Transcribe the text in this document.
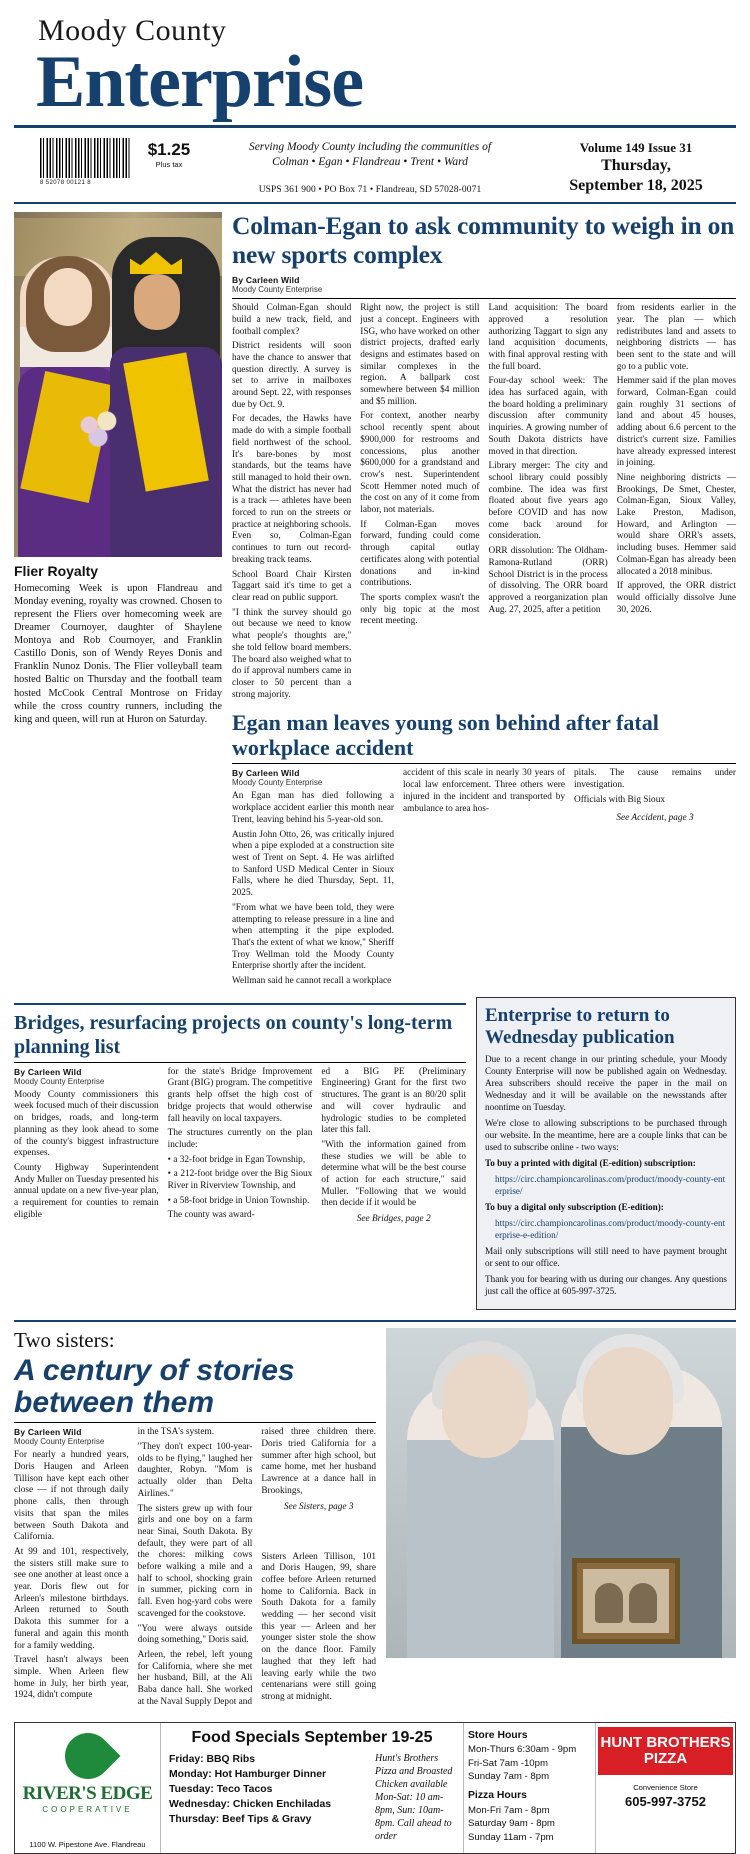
Moody County
Enterprise
8 52078 00121 8
$1.25
Plus tax
Serving Moody County including the communities of
Colman • Egan • Flandreau • Trent • Ward
USPS 361 900 • PO Box 71 • Flandreau, SD 57028-0071
Volume 149 Issue 31
Thursday,
September 18, 2025
Flier Royalty
Homecoming Week is upon Flandreau and Monday evening, royalty was crowned. Chosen to represent the Fliers over homecoming week are Dreamer Cournoyer, daughter of Shaylene Montoya and Rob Cournoyer, and Franklin Castillo Donis, son of Wendy Reyes Donis and Franklin Nunoz Donis. The Flier volleyball team hosted Baltic on Thursday and the football team hosted McCook Central Montrose on Friday while the cross country runners, including the king and queen, will run at Huron on Saturday.
Colman-Egan to ask community to weigh in on new sports complex
By Carleen Wild
Moody County Enterprise

Should Colman-Egan should build a new track, field, and football complex?

District residents will soon have the chance to answer that question directly. A survey is set to arrive in mailboxes around Sept. 22, with responses due by Oct. 9.

For decades, the Hawks have made do with a simple football field northwest of the school. It's bare-bones by most standards, but the teams have still managed to hold their own. What the district has never had is a track — athletes have been forced to run on the streets or practice at neighboring schools. Even so, Colman-Egan continues to turn out record-breaking track teams.

School Board Chair Kirsten Taggart said it's time to get a clear read on public support.

"I think the survey should go out because we need to know what people's thoughts are," she told fellow board members. The board also weighed what to do if approval numbers came in closer to 50 percent than a strong majority.

Right now, the project is still just a concept. Engineers with ISG, who have worked on other district projects, drafted early designs and estimates based on similar complexes in the region. A ballpark cost somewhere between $4 million and $5 million.

For context, another nearby school recently spent about $900,000 for restrooms and concessions, plus another $600,000 for a grandstand and crow's nest. Superintendent Scott Hemmer noted much of the cost on any of it come from labor, not materials.

If Colman-Egan moves forward, funding could come through capital outlay certificates along with potential donations and in-kind contributions.

The sports complex wasn't the only big topic at the most recent meeting.

Land acquisition: The board approved a resolution authorizing Taggart to sign any land acquisition documents, with final approval resting with the full board.

Four-day school week: The idea has surfaced again, with the board holding a preliminary discussion after community inquiries. A growing number of South Dakota districts have moved in that direction.

Library merger: The city and school library could possibly combine. The idea was first floated about five years ago before COVID and has now come back around for consideration.

ORR dissolution: The Oldham-Ramona-Rutland (ORR) School District is in the process of dissolving. The ORR board approved a reorganization plan Aug. 27, 2025, after a petition

from residents earlier in the year. The plan — which redistributes land and assets to neighboring districts — has been sent to the state and will go to a public vote.

Hemmer said if the plan moves forward, Colman-Egan could gain roughly 31 sections of land and about 45 houses, adding about 6.6 percent to the district's current size. Families have already expressed interest in joining.

Nine neighboring districts — Brookings, De Smet, Chester, Colman-Egan, Sioux Valley, Lake Preston, Madison, Howard, and Arlington — would share ORR's assets, including buses. Hemmer said Colman-Egan has already been allocated a 2018 minibus.

If approved, the ORR district would officially dissolve June 30, 2026.

Egan man leaves young son behind after fatal workplace accident
By Carleen Wild
Moody County Enterprise

An Egan man has died following a workplace accident earlier this month near Trent, leaving behind his 5-year-old son.

Austin John Otto, 26, was critically injured when a pipe exploded at a construction site west of Trent on Sept. 4. He was airlifted to Sanford USD Medical Center in Sioux Falls, where he died Thursday, Sept. 11, 2025.

"From what we have been told, they were attempting to release pressure in a line and when attempting it the pipe exploded. That's the extent of what we know," Sheriff Troy Wellman told the Moody County Enterprise shortly after the incident.

Wellman said he cannot recall a workplace

accident of this scale in nearly 30 years of local law enforcement. Three others were injured in the incident and transported by ambulance to area hos-

pitals. The cause remains under investigation.

Officials with Big Sioux

See Accident, page 3
Bridges, resurfacing projects on county's long-term planning list
By Carleen Wild
Moody County Enterprise

Moody County commissioners this week focused much of their discussion on bridges, roads, and long-term planning as they look ahead to some of the county's biggest infrastructure expenses.

County Highway Superintendent Andy Muller on Tuesday presented his annual update on a new five-year plan, a requirement for counties to remain eligible

for the state's Bridge Improvement Grant (BIG) program. The competitive grants help offset the high cost of bridge projects that would otherwise fall heavily on local taxpayers.

The structures currently on the plan include:

• a 32-foot bridge in Egan Township,

• a 212-foot bridge over the Big Sioux River in Riverview Township, and

• a 58-foot bridge in Union Township.

The county was award-

ed a BIG PE (Preliminary Engineering) Grant for the first two structures. The grant is an 80/20 split and will cover hydraulic and hydrologic studies to be completed later this fall.

"With the information gained from these studies we will be able to determine what will be the best course of action for each structure," said Muller. "Following that we would then decide if it would be

See Bridges, page 2
Enterprise to return to Wednesday publication

Due to a recent change in our printing schedule, your Moody County Enterprise will now be published again on Wednesday. Area subscribers should receive the paper in the mail on Wednesday and it will be available on the newsstands after noontime on Tuesday.

We're close to allowing subscriptions to be purchased through our website. In the meantime, here are a couple links that can be used to subscribe online - two ways:

To buy a printed with digital (E-edition) subscription:

https://circ.championcarolinas.com/product/moody-county-enterprise/

To buy a digital only subscription (E-edition):

https://circ.championcarolinas.com/product/moody-county-enterprise-e-edition/

Mail only subscriptions will still need to have payment brought or sent to our office.

Thank you for bearing with us during our changes. Any questions just call the office at 605-997-3725.

Two sisters:
A century of stories between them
By Carleen Wild
Moody County Enterprise

For nearly a hundred years, Doris Haugen and Arleen Tillison have kept each other close — if not through daily phone calls, then through visits that span the miles between South Dakota and California.

At 99 and 101, respectively, the sisters still make sure to see one another at least once a year. Doris flew out for Arleen's milestone birthdays. Arleen returned to South Dakota this summer for a funeral and again this month for a family wedding.

Travel hasn't always been simple. When Arleen flew home in July, her birth year, 1924, didn't compute

in the TSA's system.

"They don't expect 100-year-olds to be flying," laughed her daughter, Robyn. "Mom is actually older than Delta Airlines."

The sisters grew up with four girls and one boy on a farm near Sinai, South Dakota. By default, they were part of all the chores: milking cows before walking a mile and a half to school, shocking grain in summer, picking corn in fall. Even hog-yard cobs were scavenged for the cookstove.

"You were always outside doing something," Doris said.

Arleen, the rebel, left young for California, where she met her husband, Bill, at the Ali Baba dance hall. She worked at the Naval Supply Depot and

raised three children there. Doris tried California for a summer after high school, but came home, met her husband Lawrence at a dance hall in Brookings,

See Sisters, page 3

Sisters Arleen Tillison, 101 and Doris Haugen, 99, share coffee before Arleen returned home to California. Back in South Dakota for a family wedding — her second visit this year — Arleen and her younger sister stole the show on the dance floor. Family laughed that they left had leaving early while the two centenarians were still going strong at midnight.

RIVER'S EDGE
COOPERATIVE
1100 W. Pipestone Ave. Flandreau
Food Specials September 19-25
Friday: BBQ Ribs
Monday: Hot Hamburger Dinner
Tuesday: Teco Tacos
Wednesday: Chicken Enchiladas
Thursday: Beef Tips & Gravy
Hunt's Brothers Pizza and Broasted Chicken available Mon-Sat: 10 am-8pm, Sun: 10am-8pm. Call ahead to order
Store Hours
Mon-Thurs 6:30am - 9pm
Fri-Sat 7am -10pm
Sunday 7am - 8pm
Pizza Hours
Mon-Fri 7am - 8pm
Saturday 9am - 8pm
Sunday 11am - 7pm
HUNT BROTHERS PIZZA
Convenience Store
605-997-3752
